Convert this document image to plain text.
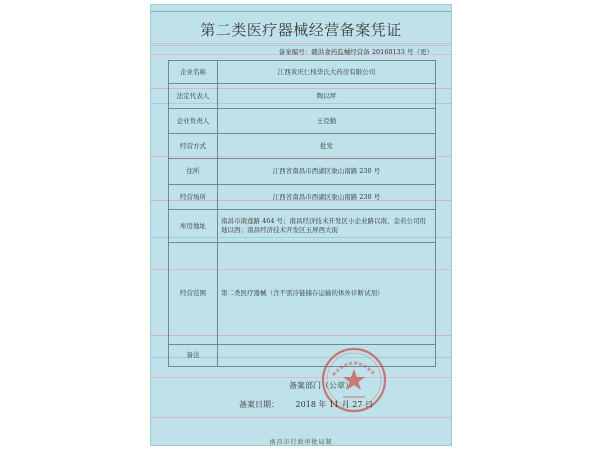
第二类医疗器械经营备案凭证
备案编号：赣洪食药监械经营备 20160133 号（更）
企业名称	江西黄庆仁栈华氏大药房有限公司
法定代表人	陶以坪
企业负责人	王克勤
经营方式	批发
住所	江西省南昌市西湖区象山南路 230 号
经营场所	江西省南昌市西湖区象山南路 230 号
库房地址	南昌市南莲路 464 号；南昌经济技术开发区小企业路以南、金若公司用地以西；南昌经济技术开发区玉屏西大街
经营范围	第二类医疗器械（含不需冷链储存运输的体外诊断试剂）
备注	
备案部门（公章）
备案日期： 2018 年 11 月 27 日
南昌市行政审批局制
